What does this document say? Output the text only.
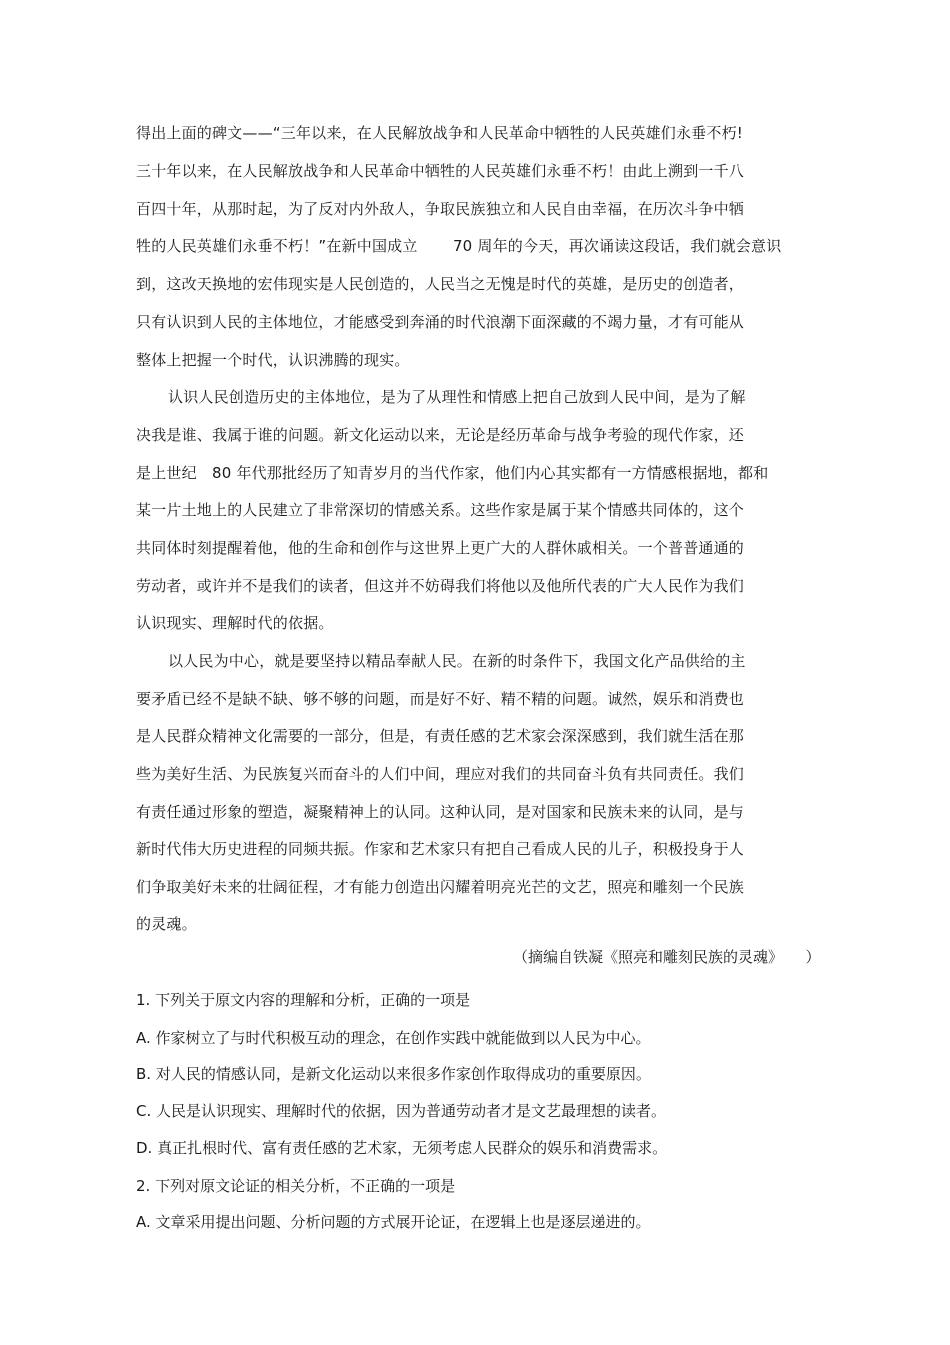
得出上面的碑文——“三年以来，在人民解放战争和人民革命中牺牲的人民英雄们永垂不朽!
三十年以来，在人民解放战争和人民革命中牺牲的人民英雄们永垂不朽！由此上溯到一千八
百四十年，从那时起，为了反对内外敌人，争取民族独立和人民自由幸福，在历次斗争中牺
牲的人民英雄们永垂不朽！”在新中国成立　　 70 周年的今天，再次诵读这段话，我们就会意识
到，这改天换地的宏伟现实是人民创造的，人民当之无愧是时代的英雄，是历史的创造者，
只有认识到人民的主体地位，才能感受到奔涌的时代浪潮下面深藏的不竭力量，才有可能从
整体上把握一个时代，认识沸腾的现实。
认识人民创造历史的主体地位，是为了从理性和情感上把自己放到人民中间，是为了解
决我是谁、我属于谁的问题。新文化运动以来，无论是经历革命与战争考验的现代作家，还
是上世纪　80 年代那批经历了知青岁月的当代作家，他们内心其实都有一方情感根据地，都和
某一片土地上的人民建立了非常深切的情感关系。这些作家是属于某个情感共同体的，这个
共同体时刻提醒着他，他的生命和创作与这世界上更广大的人群休戚相关。一个普普通通的
劳动者，或许并不是我们的读者，但这并不妨碍我们将他以及他所代表的广大人民作为我们
认识现实、理解时代的依据。
以人民为中心，就是要坚持以精品奉献人民。在新的时条件下，我国文化产品供给的主
要矛盾已经不是缺不缺、够不够的问题，而是好不好、精不精的问题。诚然，娱乐和消费也
是人民群众精神文化需要的一部分，但是，有责任感的艺术家会深深感到，我们就生活在那
些为美好生活、为民族复兴而奋斗的人们中间，理应对我们的共同奋斗负有共同责任。我们
有责任通过形象的塑造，凝聚精神上的认同。这种认同，是对国家和民族未来的认同，是与
新时代伟大历史进程的同频共振。作家和艺术家只有把自己看成人民的儿子，积极投身于人
们争取美好未来的壮阔征程，才有能力创造出闪耀着明亮光芒的文艺，照亮和雕刻一个民族
的灵魂。
（摘编自铁凝《照亮和雕刻民族的灵魂》　　）
1. 下列关于原文内容的理解和分析，正确的一项是
A. 作家树立了与时代积极互动的理念，在创作实践中就能做到以人民为中心。
B. 对人民的情感认同，是新文化运动以来很多作家创作取得成功的重要原因。
C. 人民是认识现实、理解时代的依据，因为普通劳动者才是文艺最理想的读者。
D. 真正扎根时代、富有责任感的艺术家，无须考虑人民群众的娱乐和消费需求。
2. 下列对原文论证的相关分析，不正确的一项是
A. 文章采用提出问题、分析问题的方式展开论证，在逻辑上也是逐层递进的。
